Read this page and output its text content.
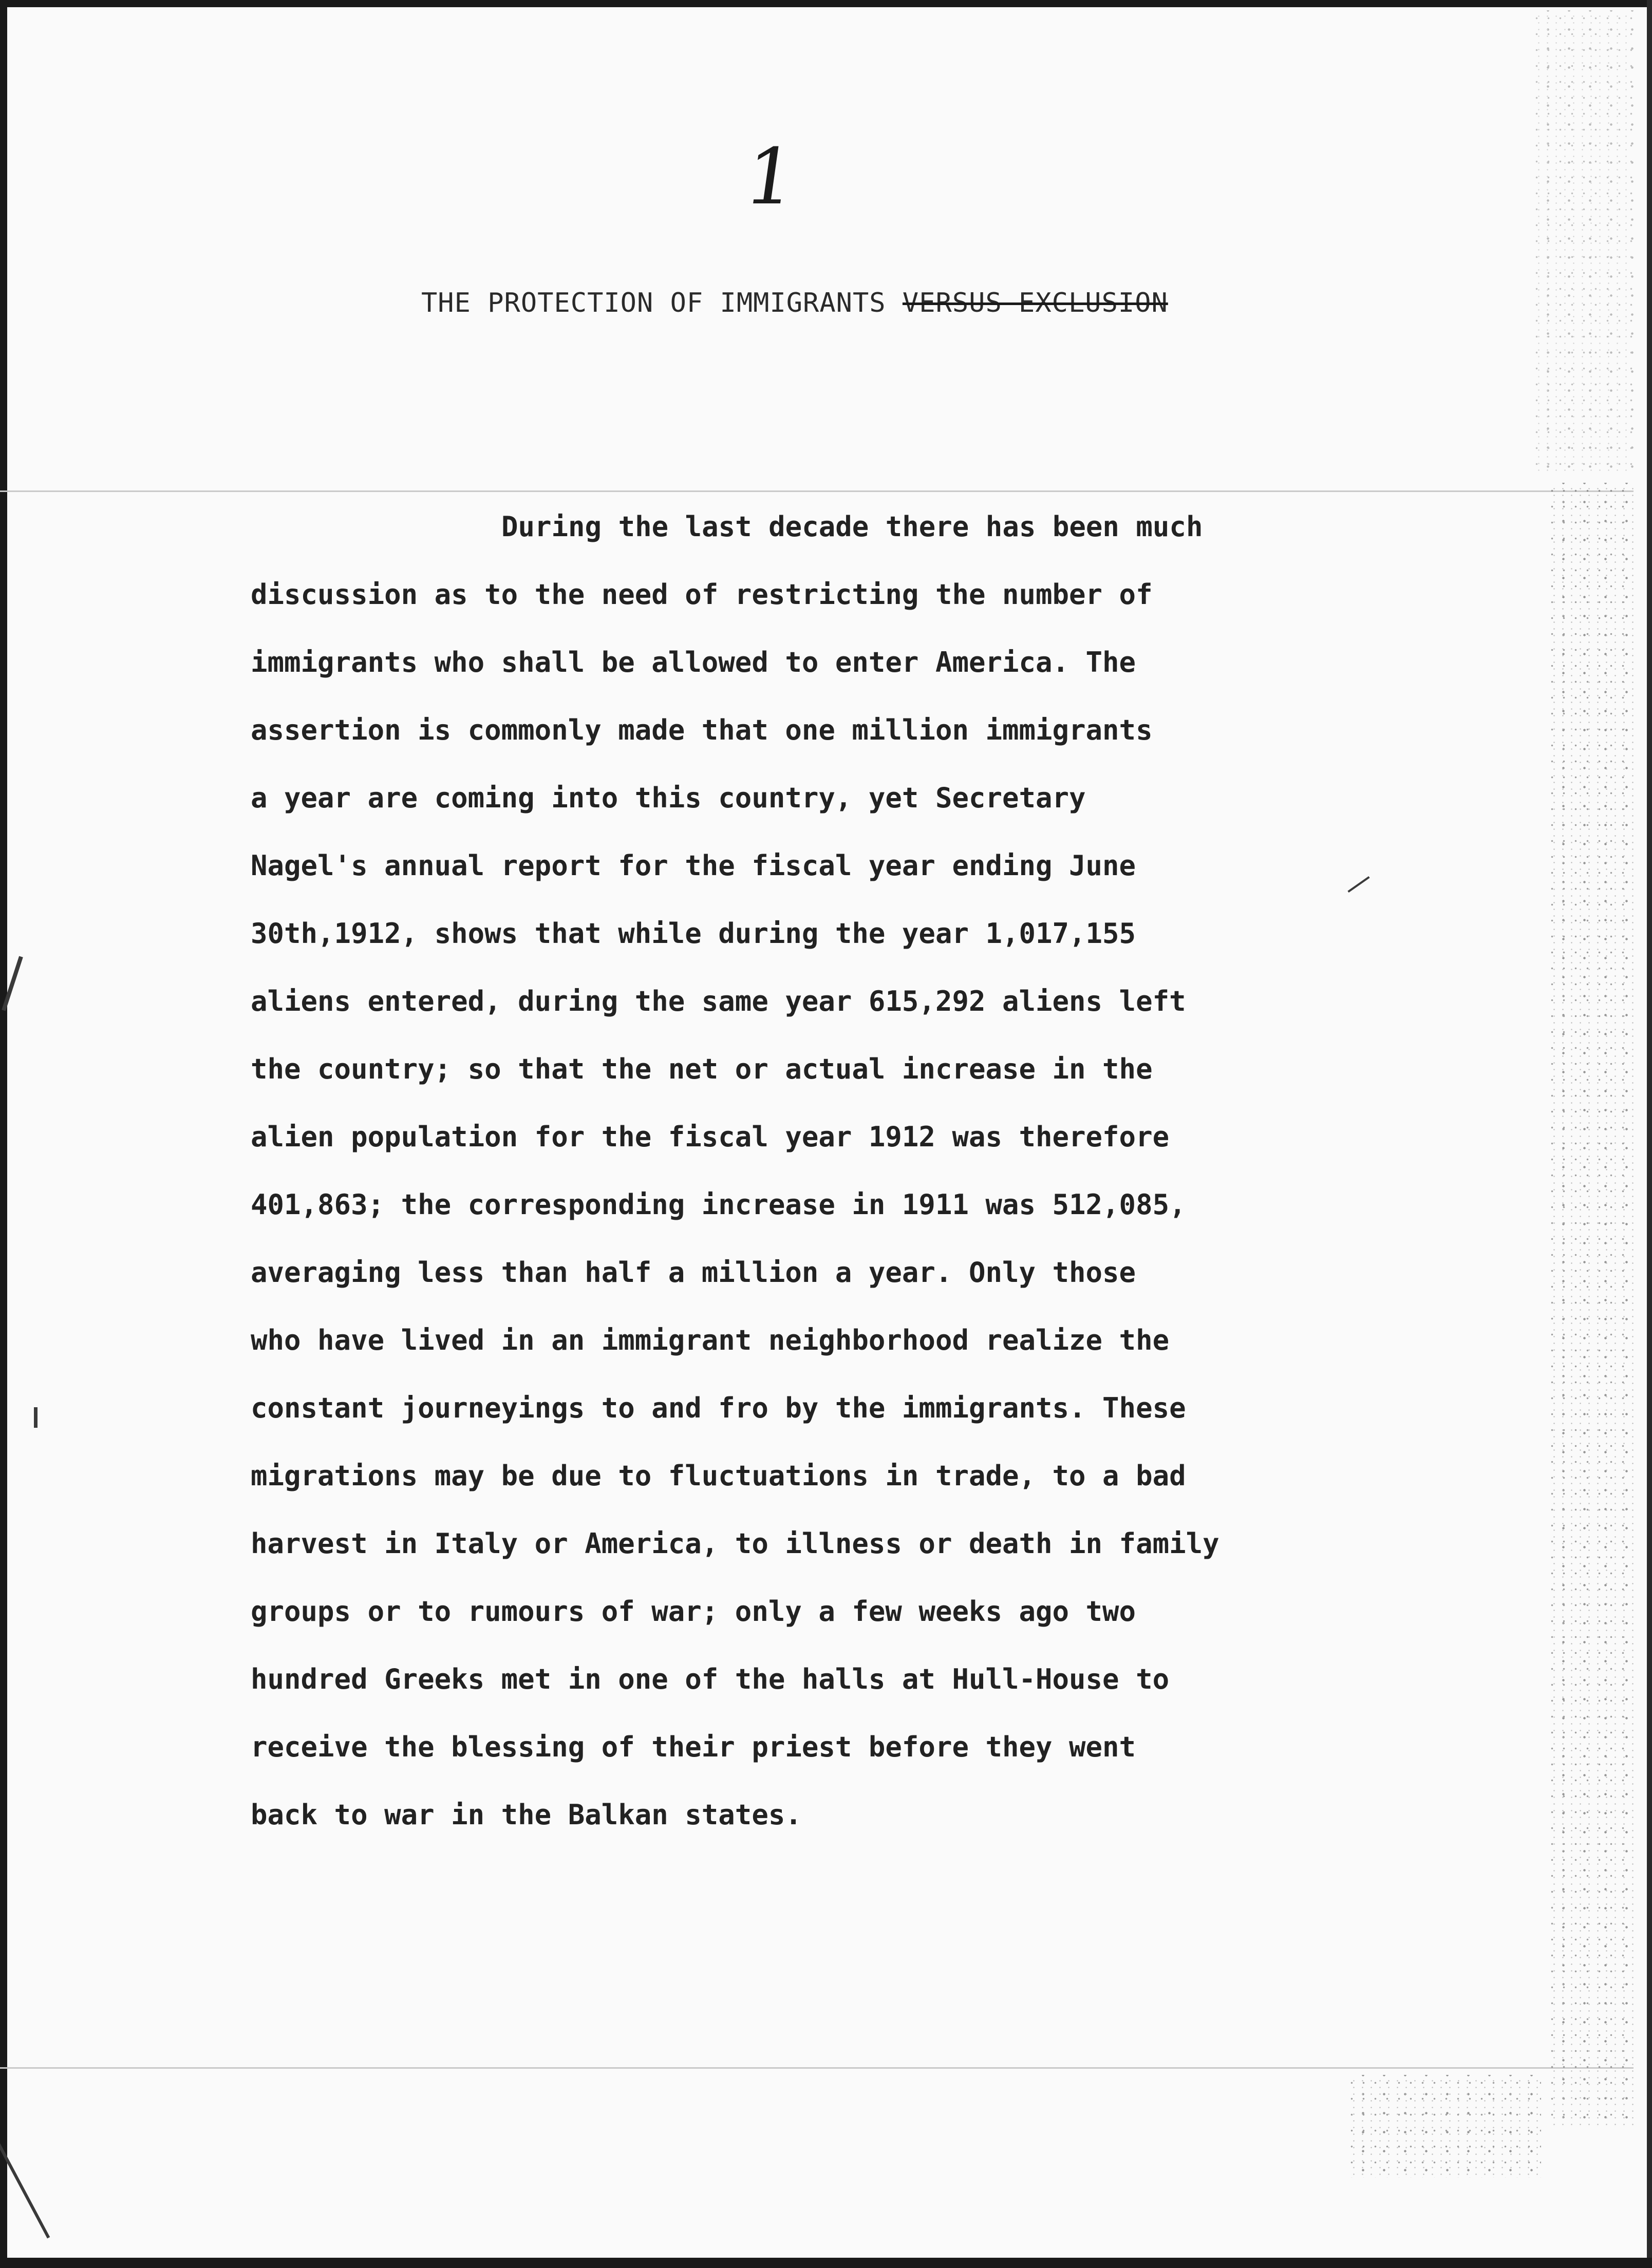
1
THE PROTECTION OF IMMIGRANTS VERSUS EXCLUSION
During the last decade there has been much
discussion as to the need of restricting the number of
immigrants who shall be allowed to enter America. The
assertion is commonly made that one million immigrants
a year are coming into this country, yet Secretary
Nagel's annual report for the fiscal year ending June
30th,1912, shows that while during the year 1,017,155
aliens entered, during the same year 615,292 aliens left
the country; so that the net or actual increase in the
alien population for the fiscal year 1912 was therefore
401,863; the corresponding increase in 1911 was 512,085,
averaging less than half a million a year. Only those
who have lived in an immigrant neighborhood realize the
constant journeyings to and fro by the immigrants. These
migrations may be due to fluctuations in trade, to a bad
harvest in Italy or America, to illness or death in family
groups or to rumours of war; only a few weeks ago two
hundred Greeks met in one of the halls at Hull-House to
receive the blessing of their priest before they went
back to war in the Balkan states.
